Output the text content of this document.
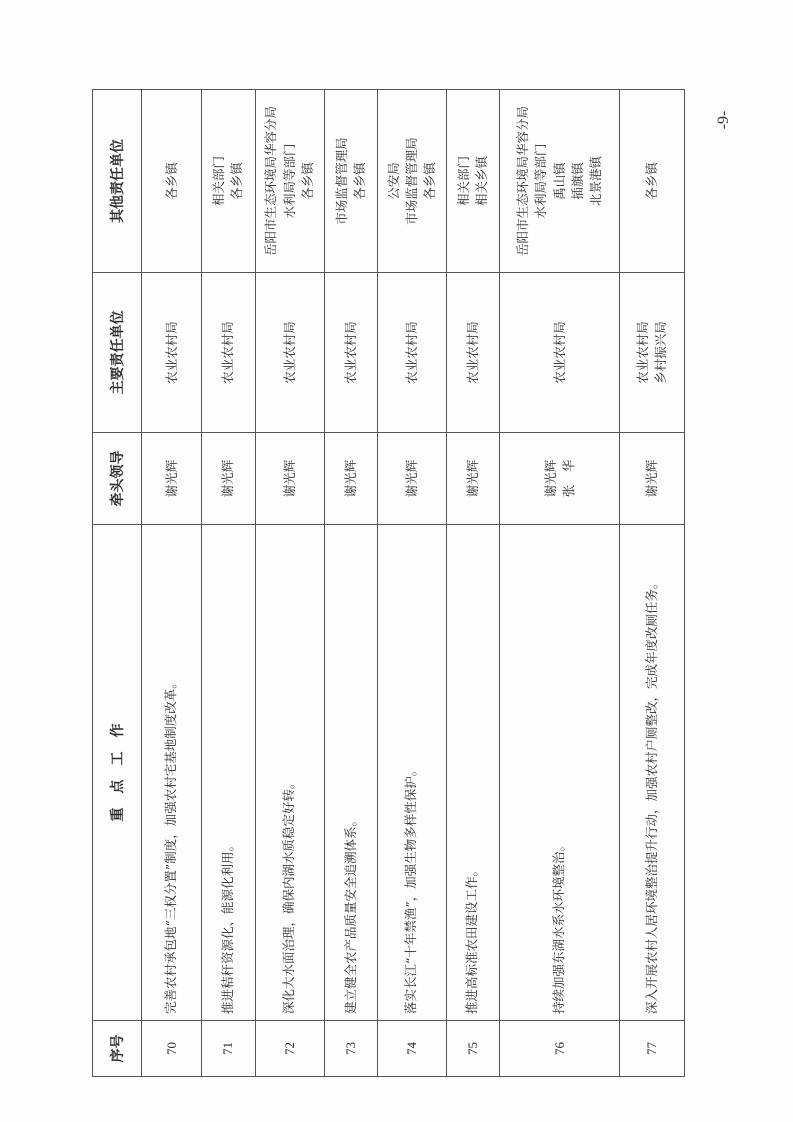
序号	重　点　工　作	牵头领导	主要责任单位	其他责任单位
70	完善农村承包地“三权分置”制度，加强农村宅基地制度改革。	谢光辉	农业农村局	各乡镇

71	推进秸秆资源化、能源化利用。	谢光辉	农业农村局	相关部门 各乡镇

72	深化大水面治理，确保内湖水质稳定好转。	谢光辉	农业农村局	岳阳市生态环境局华容分局 水利局等部门 各乡镇

73	建立健全农产品质量安全追溯体系。	谢光辉	农业农村局	市场监督管理局 各乡镇

74	落实长江“十年禁渔”，加强生物多样性保护。	谢光辉	农业农村局	公安局 市场监督管理局 各乡镇

75	推进高标准农田建设工作。	谢光辉	农业农村局	相关部门 相关乡镇

76	持续加强东湖水系水环境整治。	谢光辉 张　华	农业农村局	岳阳市生态环境局华容分局 水利局等部门 禹山镇 插旗镇 北景港镇

77	深入开展农村人居环境整治提升行动，加强农村户厕整改，完成年度改厕任务。	谢光辉	农业农村局 乡村振兴局	各乡镇
-9-
